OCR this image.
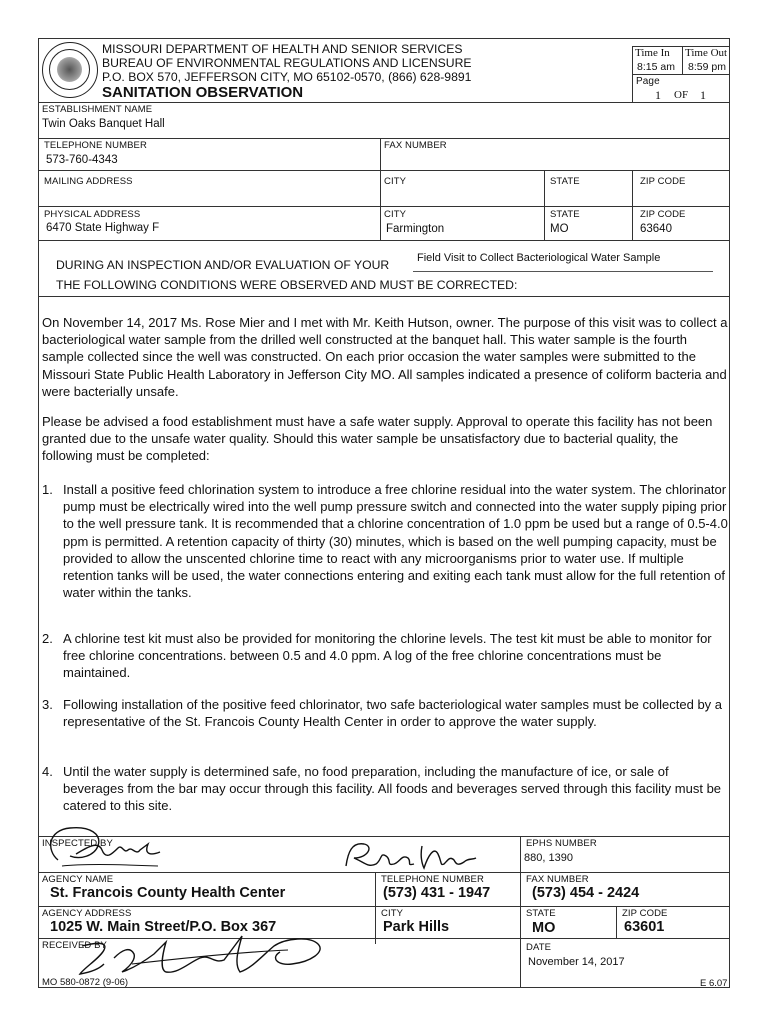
MISSOURI DEPARTMENT OF HEALTH AND SENIOR SERVICES
BUREAU OF ENVIRONMENTAL REGULATIONS AND LICENSURE
P.O. BOX 570, JEFFERSON CITY, MO 65102-0570, (866) 628-9891
SANITATION OBSERVATION
Time In Time Out
8:15 am 8:59 pm
Page
1 OF 1
ESTABLISHMENT NAME
Twin Oaks Banquet Hall
TELEPHONE NUMBER
573-760-4343
FAX NUMBER
MAILING ADDRESS	CITY	STATE	ZIP CODE
PHYSICAL ADDRESS
6470 State Highway F
CITY
Farmington
STATE
MO
ZIP CODE
63640
DURING AN INSPECTION AND/OR EVALUATION OF YOUR	Field Visit to Collect Bacteriological Water Sample
THE FOLLOWING CONDITIONS WERE OBSERVED AND MUST BE CORRECTED:
On November 14, 2017 Ms. Rose Mier and I met with Mr. Keith Hutson, owner. The purpose of this visit was to collect a bacteriological water sample from the drilled well constructed at the banquet hall. This water sample is the fourth sample collected since the well was constructed. On each prior occasion the water samples were submitted to the Missouri State Public Health Laboratory in Jefferson City MO. All samples indicated a presence of coliform bacteria and were bacterially unsafe.
Please be advised a food establishment must have a safe water supply. Approval to operate this facility has not been granted due to the unsafe water quality. Should this water sample be unsatisfactory due to bacterial quality, the following must be completed:
1. Install a positive feed chlorination system to introduce a free chlorine residual into the water system. The chlorinator pump must be electrically wired into the well pump pressure switch and connected into the water supply piping prior to the well pressure tank. It is recommended that a chlorine concentration of 1.0 ppm be used but a range of 0.5-4.0 ppm is permitted. A retention capacity of thirty (30) minutes, which is based on the well pumping capacity, must be provided to allow the unscented chlorine time to react with any microorganisms prior to water use. If multiple retention tanks will be used, the water connections entering and exiting each tank must allow for the full retention of water within the tanks.
2. A chlorine test kit must also be provided for monitoring the chlorine levels. The test kit must be able to monitor for free chlorine concentrations. between 0.5 and 4.0 ppm. A log of the free chlorine concentrations must be maintained.
3. Following installation of the positive feed chlorinator, two safe bacteriological water samples must be collected by a representative of the St. Francois County Health Center in order to approve the water supply.
4. Until the water supply is determined safe, no food preparation, including the manufacture of ice, or sale of beverages from the bar may occur through this facility. All foods and beverages served through this facility must be catered to this site.
INSPECTED BY	EPHS NUMBER
880, 1390
AGENCY NAME
St. Francois County Health Center
TELEPHONE NUMBER
(573) 431 - 1947
FAX NUMBER
(573) 454 - 2424
AGENCY ADDRESS
1025 W. Main Street/P.O. Box 367
CITY
Park Hills
STATE
MO
ZIP CODE
63601
RECEIVED BY	DATE
November 14, 2017
MO 580-0872 (9-06)	E 6.07
